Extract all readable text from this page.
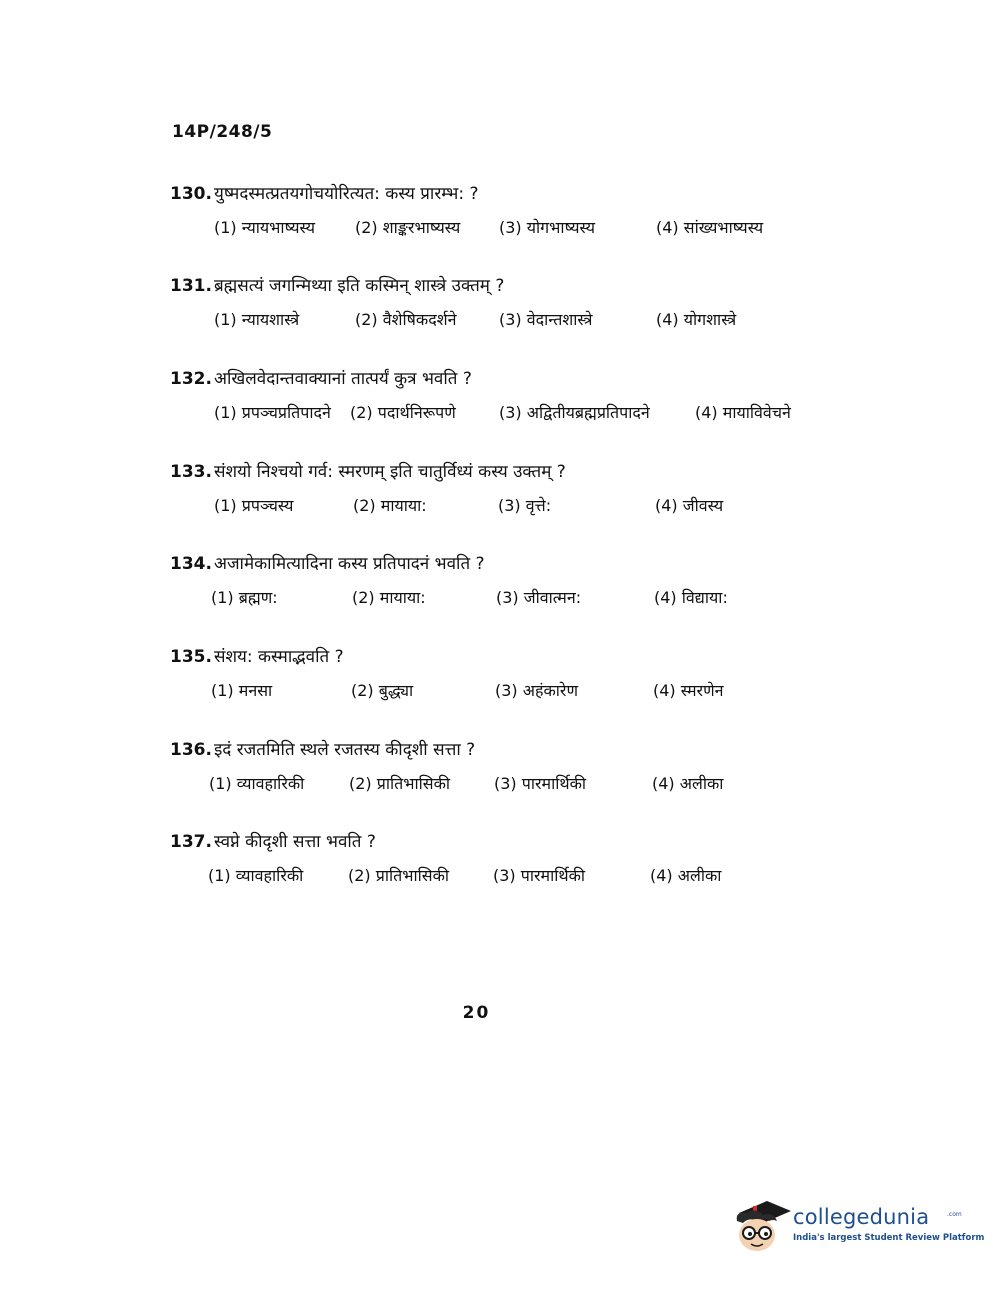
14P/248/5
130. युष्मदस्मत्प्रतयगोचयोरित्यत: कस्य प्रारम्भ: ?
(1) न्यायभाष्यस्य (2) शाङ्करभाष्यस्य (3) योगभाष्यस्य	(4) सांख्यभाष्यस्य
131. ब्रह्मसत्यं जगन्मिथ्या इति कस्मिन् शास्त्रे उक्तम् ?
(1) न्यायशास्त्रे	(2) वैशेषिकदर्शने	(3) वेदान्तशास्त्रे	(4) योगशास्त्रे
132. अखिलवेदान्तवाक्यानां तात्पर्यं कुत्र भवति ?
(1) प्रपञ्चप्रतिपादने (2) पदार्थनिरूपणे	(3) अद्वितीयब्रह्मप्रतिपादने	(4) मायाविवेचने
133. संशयो निश्चयो गर्व: स्मरणम् इति चातुर्विध्यं कस्य उक्तम् ?
(1) प्रपञ्चस्य	(2) मायाया:	(3) वृत्ते:	(4) जीवस्य
134. अजामेकामित्यादिना कस्य प्रतिपादनं भवति ?
(1) ब्रह्मण:	(2) मायाया:	(3) जीवात्मन:	(4) विद्याया:
135. संशय: कस्माद्भवति ?
(1) मनसा	(2) बुद्ध्या	(3) अहंकारेण	(4) स्मरणेन
136. इदं रजतमिति स्थले रजतस्य कीदृशी सत्ता ?
(1) व्यावहारिकी	(2) प्रातिभासिकी	(3) पारमार्थिकी	(4) अलीका
137. स्वप्ने कीदृशी सत्ता भवति ?
(1) व्यावहारिकी	(2) प्रातिभासिकी	(3) पारमार्थिकी	(4) अलीका
20
collegedunia	.com
India's largest Student Review Platform
